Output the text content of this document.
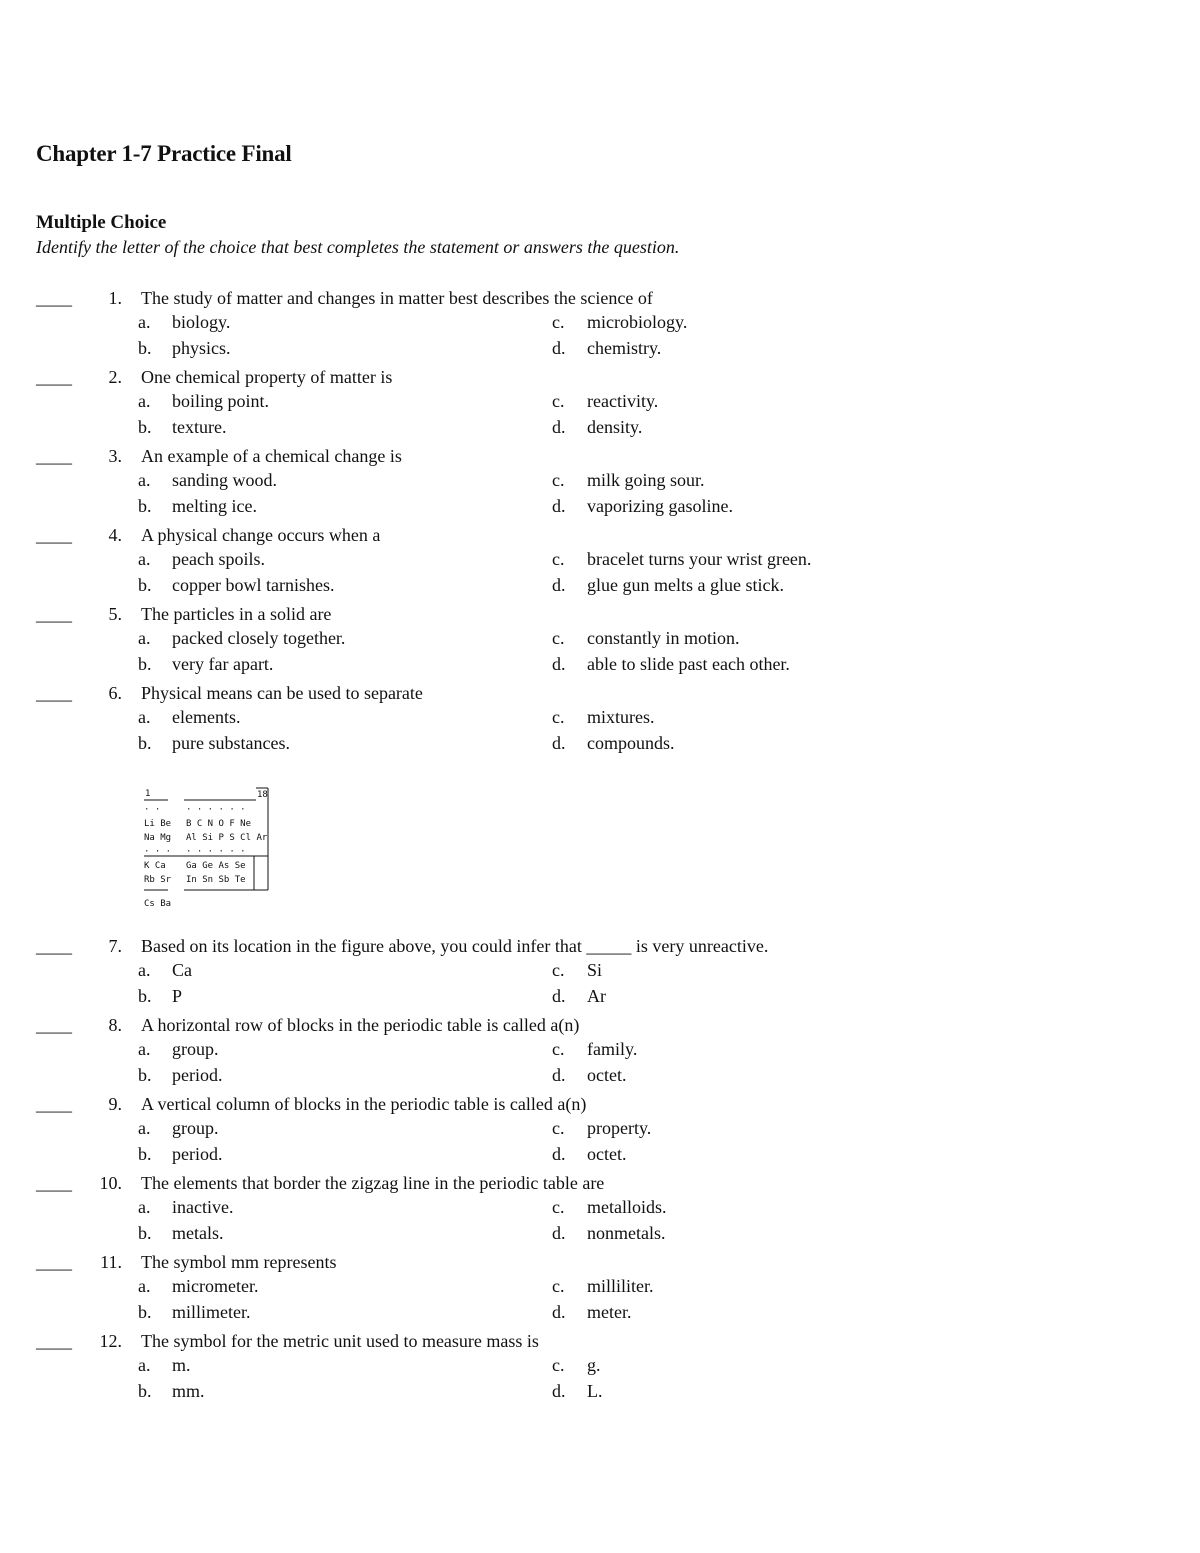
Chapter 1-7 Practice Final
Multiple Choice
Identify the letter of the choice that best completes the statement or answers the question.
____	1. The study of matter and changes in matter best describes the science of
a. biology.
b. physics.
c. microbiology.
d. chemistry.
____	2. One chemical property of matter is
a. boiling point.
b. texture.
c. reactivity.
d. density.
____	3. An example of a chemical change is
a. sanding wood.
b. melting ice.
c. milk going sour.
d. vaporizing gasoline.
____	4. A physical change occurs when a
a. peach spoils.
b. copper bowl tarnishes.
c. bracelet turns your wrist green.
d. glue gun melts a glue stick.
____	5. The particles in a solid are
a. packed closely together.
b. very far apart.
c. constantly in motion.
d. able to slide past each other.
____	6. Physical means can be used to separate
a. elements.
b. pure substances.
c. mixtures.
d. compounds.
____	7. Based on its location in the figure above, you could infer that _____ is very unreactive.
a. Ca
b. P
c. Si
d. Ar
____	8. A horizontal row of blocks in the periodic table is called a(n)
a. group.
b. period.
c. family.
d. octet.
____	9. A vertical column of blocks in the periodic table is called a(n)
a. group.
b. period.
c. property.
d. octet.
____	10. The elements that border the zigzag line in the periodic table are
a. inactive.
b. metals.
c. metalloids.
d. nonmetals.
____	11. The symbol mm represents
a. micrometer.
b. millimeter.
c. milliliter.
d. meter.
____	12. The symbol for the metric unit used to measure mass is
a. m.
b. mm.
c. g.
d. L.
1	18
· ·	· · · · · ·
Li Be B C N O F Ne
Na Mg Al Si P S Cl Ar
· · · · · · · · ·
K Ca Ga Ge As Se
Rb Sr In Sn Sb Te
Cs Ba
